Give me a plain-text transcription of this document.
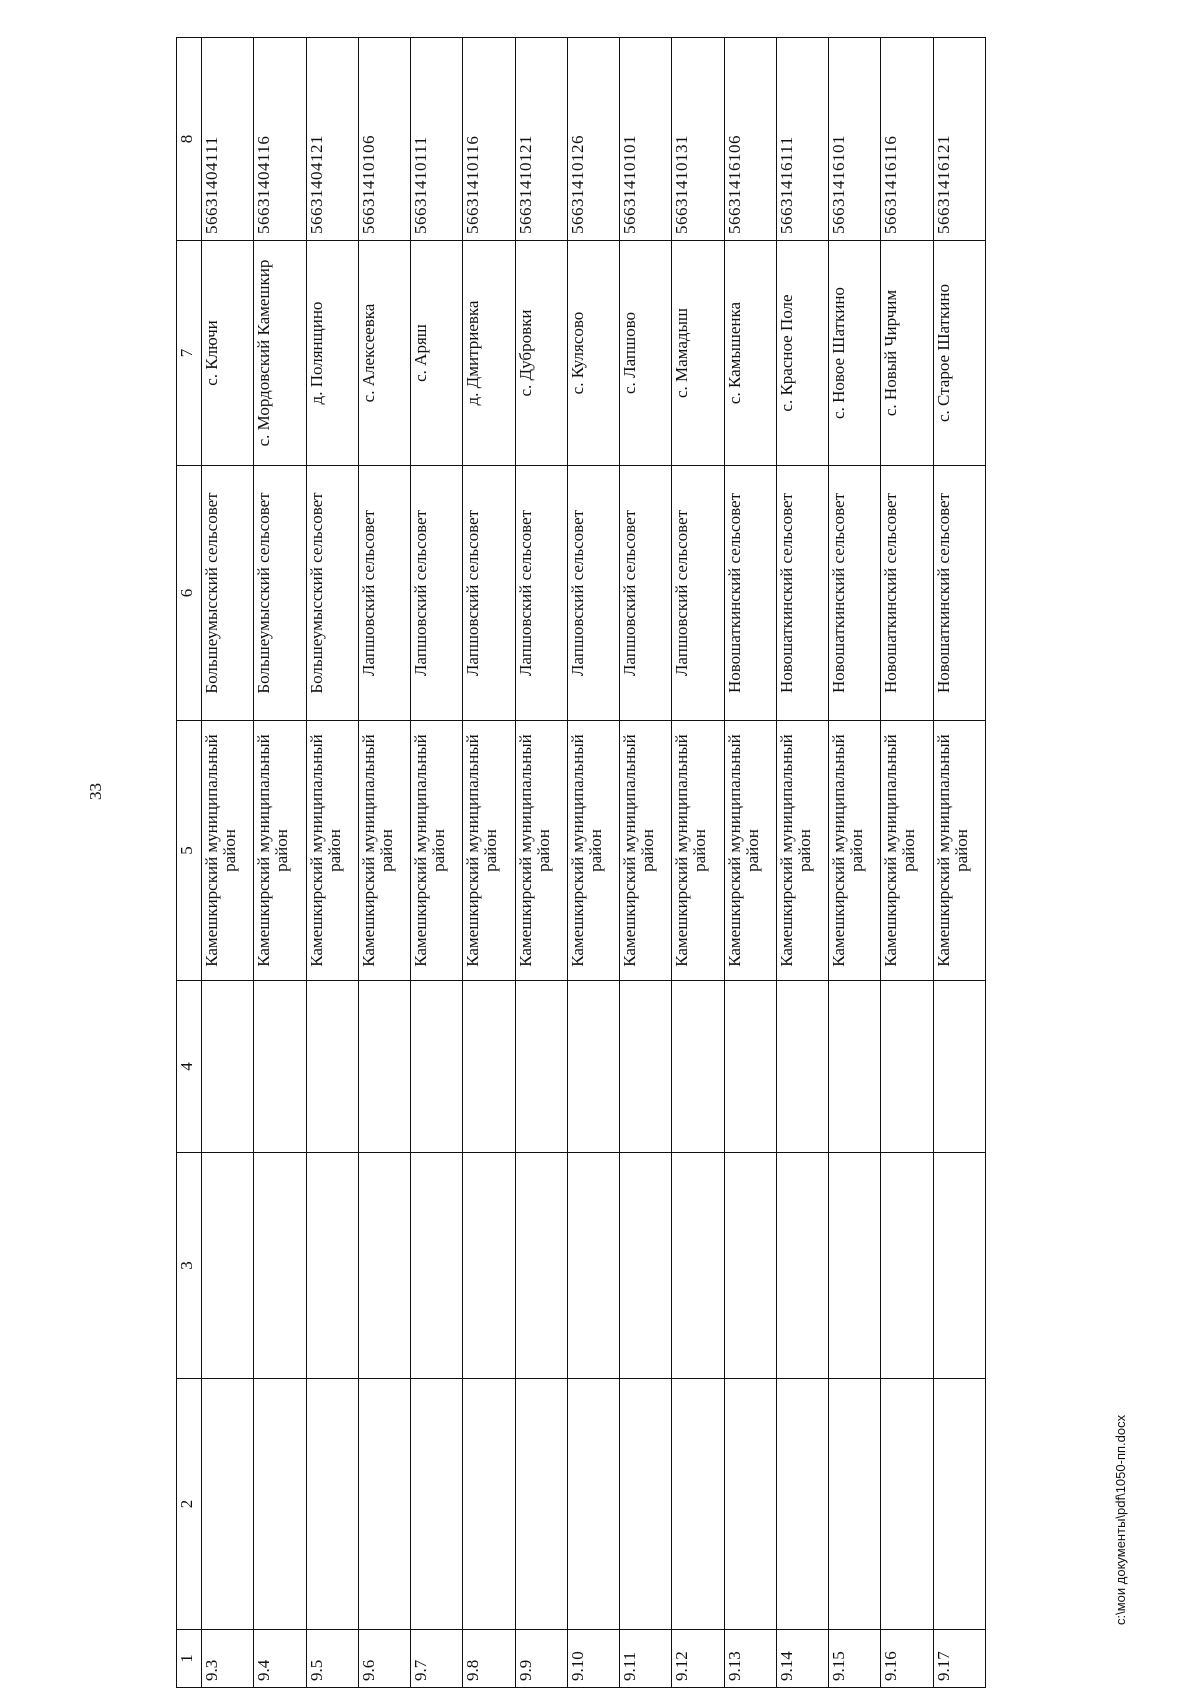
33
1	2	3	4	5	6	7	8
9.3				Камешкирский муниципальный район	Большеумысский сельсовет	с. Ключи	56631404111
9.4				Камешкирский муниципальный район	Большеумысский сельсовет	с. Мордовский Камешкир	56631404116
9.5				Камешкирский муниципальный район	Большеумысский сельсовет	д. Полянщино	56631404121
9.6				Камешкирский муниципальный район	Лапшовский сельсовет	с. Алексеевка	56631410106
9.7				Камешкирский муниципальный район	Лапшовский сельсовет	с. Аряш	56631410111
9.8				Камешкирский муниципальный район	Лапшовский сельсовет	д. Дмитриевка	56631410116
9.9				Камешкирский муниципальный район	Лапшовский сельсовет	с. Дубровки	56631410121
9.10				Камешкирский муниципальный район	Лапшовский сельсовет	с. Кулясово	56631410126
9.11				Камешкирский муниципальный район	Лапшовский сельсовет	с. Лапшово	56631410101
9.12				Камешкирский муниципальный район	Лапшовский сельсовет	с. Мамадыш	56631410131
9.13				Камешкирский муниципальный район	Новошаткинский сельсовет	с. Камышенка	56631416106
9.14				Камешкирский муниципальный район	Новошаткинский сельсовет	с. Красное Поле	56631416111
9.15				Камешкирский муниципальный район	Новошаткинский сельсовет	с. Новое Шаткино	56631416101
9.16				Камешкирский муниципальный район	Новошаткинский сельсовет	с. Новый Чирчим	56631416116
9.17				Камешкирский муниципальный район	Новошаткинский сельсовет	с. Старое Шаткино	56631416121
c:\мои документы\pdf\1050-пп.docx
